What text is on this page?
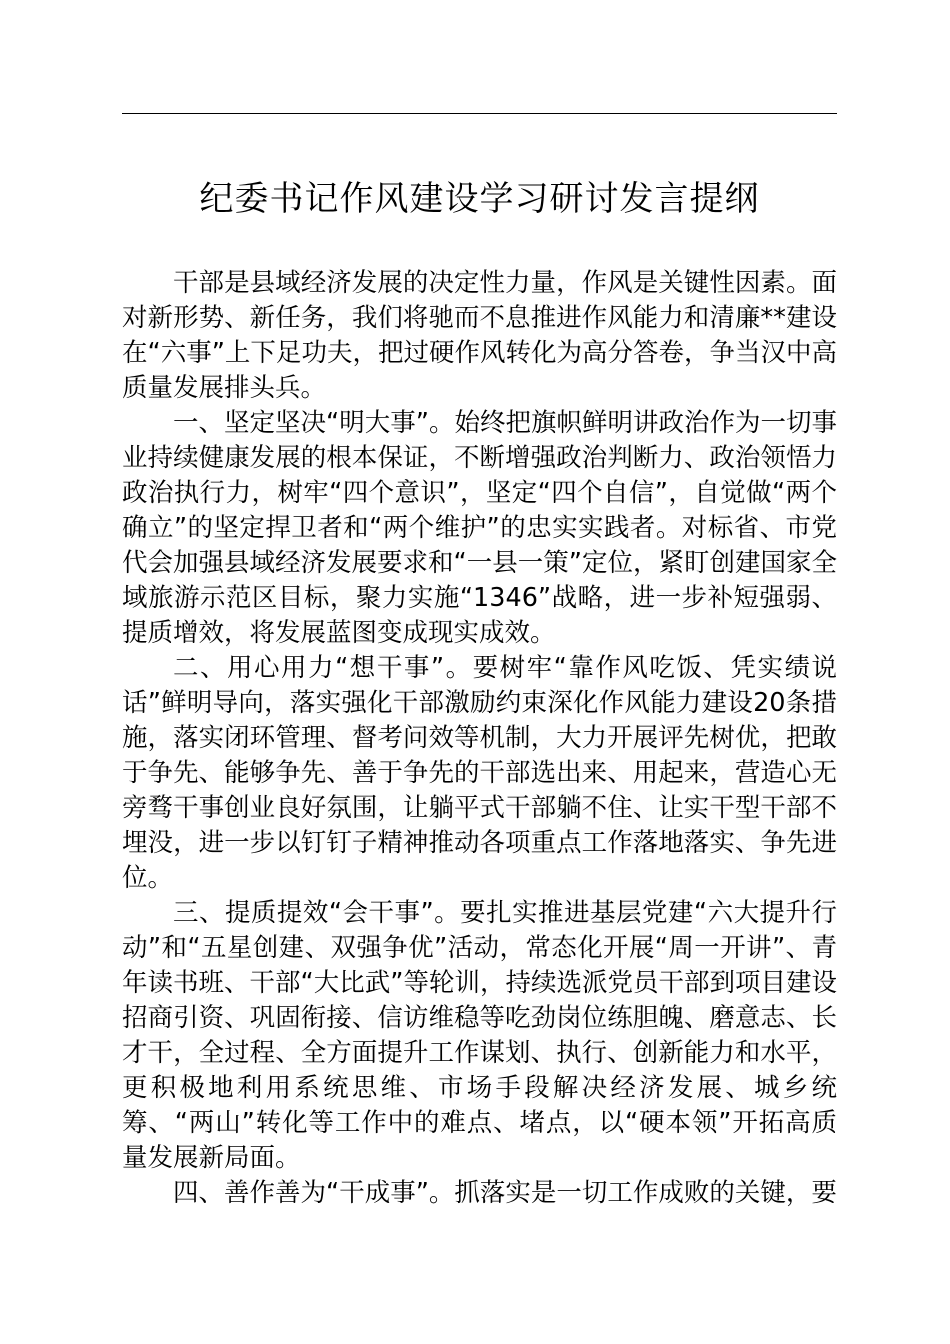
纪委书记作风建设学习研讨发言提纲

干部是县域经济发展的决定性力量，作风是关键性因素。面对新形势、新任务，我们将驰而不息推进作风能力和清廉**建设在“六事”上下足功夫，把过硬作风转化为高分答卷，争当汉中高质量发展排头兵。

一、坚定坚决“明大事”。始终把旗帜鲜明讲政治作为一切事业持续健康发展的根本保证，不断增强政治判断力、政治领悟力政治执行力，树牢“四个意识”，坚定“四个自信”，自觉做“两个确立”的坚定捍卫者和“两个维护”的忠实实践者。对标省、市党代会加强县域经济发展要求和“一县一策”定位，紧盯创建国家全域旅游示范区目标，聚力实施“1346”战略，进一步补短强弱、提质增效，将发展蓝图变成现实成效。

二、用心用力“想干事”。要树牢“靠作风吃饭、凭实绩说话”鲜明导向，落实强化干部激励约束深化作风能力建设20条措施，落实闭环管理、督考问效等机制，大力开展评先树优，把敢于争先、能够争先、善于争先的干部选出来、用起来，营造心无旁骛干事创业良好氛围，让躺平式干部躺不住、让实干型干部不埋没，进一步以钉钉子精神推动各项重点工作落地落实、争先进位。

三、提质提效“会干事”。要扎实推进基层党建“六大提升行动”和“五星创建、双强争优”活动，常态化开展“周一开讲”、青年读书班、干部“大比武”等轮训，持续选派党员干部到项目建设招商引资、巩固衔接、信访维稳等吃劲岗位练胆魄、磨意志、长才干，全过程、全方面提升工作谋划、执行、创新能力和水平，更积极地利用系统思维、市场手段解决经济发展、城乡统筹、“两山”转化等工作中的难点、堵点，以“硬本领”开拓高质量发展新局面。

四、善作善为“干成事”。抓落实是一切工作成败的关键，要
